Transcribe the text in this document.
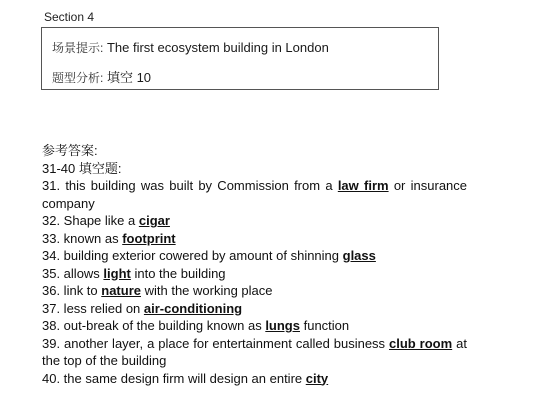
Section 4
场景提示: The first ecosystem building in London
题型分析: 填空 10
参考答案:
31-40 填空题:
31. this building was built by Commission from a law firm or insurance company
32. Shape like a cigar
33. known as footprint
34. building exterior cowered by amount of shinning glass
35. allows light into the building
36. link to nature with the working place
37. less relied on air-conditioning
38. out-break of the building known as lungs function
39. another layer, a place for entertainment called business club room at the top of the building
40. the same design firm will design an entire city
